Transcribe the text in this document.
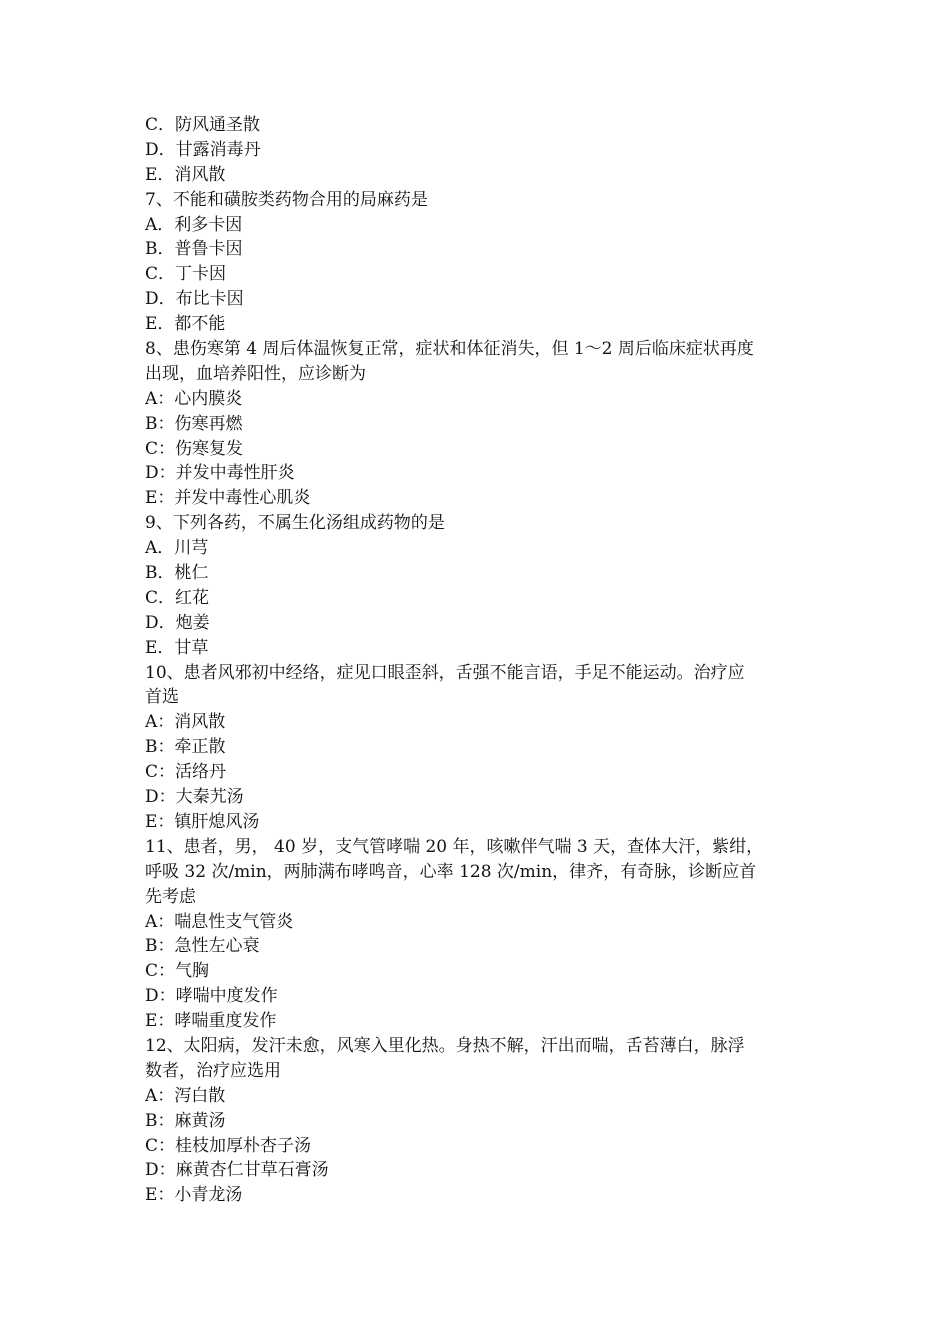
C．防风通圣散
D．甘露消毒丹
E．消风散
7、不能和磺胺类药物合用的局麻药是
A．利多卡因
B．普鲁卡因
C．丁卡因
D．布比卡因
E．都不能
8、患伤寒第 4 周后体温恢复正常，症状和体征消失，但 1～2 周后临床症状再度
出现，血培养阳性，应诊断为
A：心内膜炎
B：伤寒再燃
C：伤寒复发
D：并发中毒性肝炎
E：并发中毒性心肌炎
9、下列各药，不属生化汤组成药物的是
A．川芎
B．桃仁
C．红花
D．炮姜
E．甘草
10、患者风邪初中经络，症见口眼歪斜，舌强不能言语，手足不能运动。治疗应
首选
A：消风散
B：牵正散
C：活络丹
D：大秦艽汤
E：镇肝熄风汤
11、患者，男， 40 岁，支气管哮喘 20 年，咳嗽伴气喘 3 天，查体大汗，紫绀，
呼吸 32 次/min，两肺满布哮鸣音，心率 128 次/min，律齐，有奇脉，诊断应首
先考虑
A：喘息性支气管炎
B：急性左心衰
C：气胸
D：哮喘中度发作
E：哮喘重度发作
12、太阳病，发汗未愈，风寒入里化热。身热不解，汗出而喘，舌苔薄白，脉浮
数者，治疗应选用
A：泻白散
B：麻黄汤
C：桂枝加厚朴杏子汤
D：麻黄杏仁甘草石膏汤
E：小青龙汤
